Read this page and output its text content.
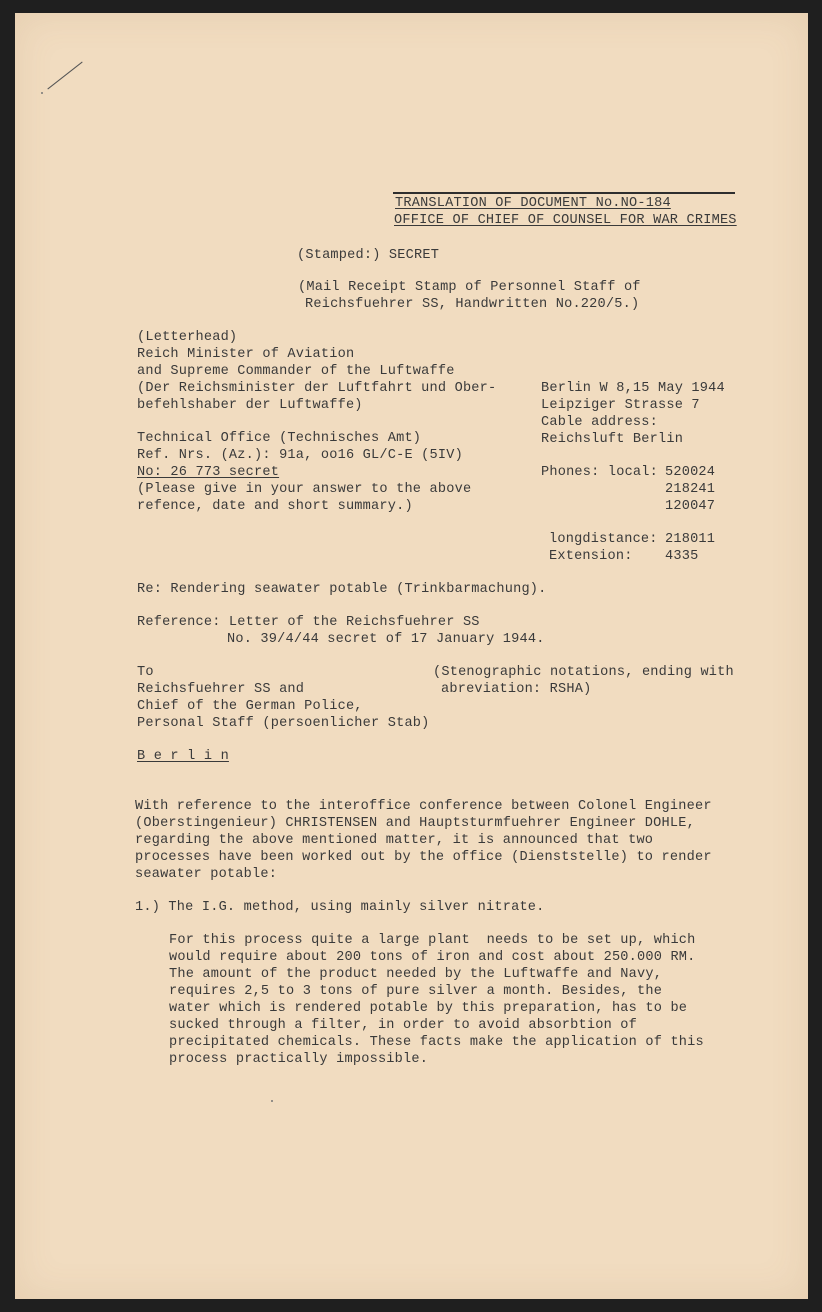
TRANSLATION OF DOCUMENT No.NO-184
OFFICE OF CHIEF OF COUNSEL FOR WAR CRIMES
(Stamped:) SECRET
(Mail Receipt Stamp of Personnel Staff of
Reichsfuehrer SS, Handwritten No.220/5.)
(Letterhead)
Reich Minister of Aviation
and Supreme Commander of the Luftwaffe
(Der Reichsminister der Luftfahrt und Ober-
befehlshaber der Luftwaffe)
Technical Office (Technisches Amt)
Ref. Nrs. (Az.): 91a, oo16 GL/C-E (5IV)
No: 26 773 secret
(Please give in your answer to the above
refence, date and short summary.)
Berlin W 8,15 May 1944
Leipziger Strasse 7
Cable address:
Reichsluft Berlin
Phones: local: 520024
218241
120047
longdistance: 218011
Extension: 4335
Re: Rendering seawater potable (Trinkbarmachung).
Reference: Letter of the Reichsfuehrer SS
No. 39/4/44 secret of 17 January 1944.
To
Reichsfuehrer SS and
Chief of the German Police,
Personal Staff (persoenlicher Stab)
(Stenographic notations, ending with
abreviation: RSHA)
B e r l i n
With reference to the interoffice conference between Colonel Engineer
(Oberstingenieur) CHRISTENSEN and Hauptsturmfuehrer Engineer DOHLE,
regarding the above mentioned matter, it is announced that two
processes have been worked out by the office (Dienststelle) to render
seawater potable:
1.) The I.G. method, using mainly silver nitrate.
For this process quite a large plant  needs to be set up, which
would require about 200 tons of iron and cost about 250.000 RM.
The amount of the product needed by the Luftwaffe and Navy,
requires 2,5 to 3 tons of pure silver a month. Besides, the
water which is rendered potable by this preparation, has to be
sucked through a filter, in order to avoid absorbtion of
precipitated chemicals. These facts make the application of this
process practically impossible.
